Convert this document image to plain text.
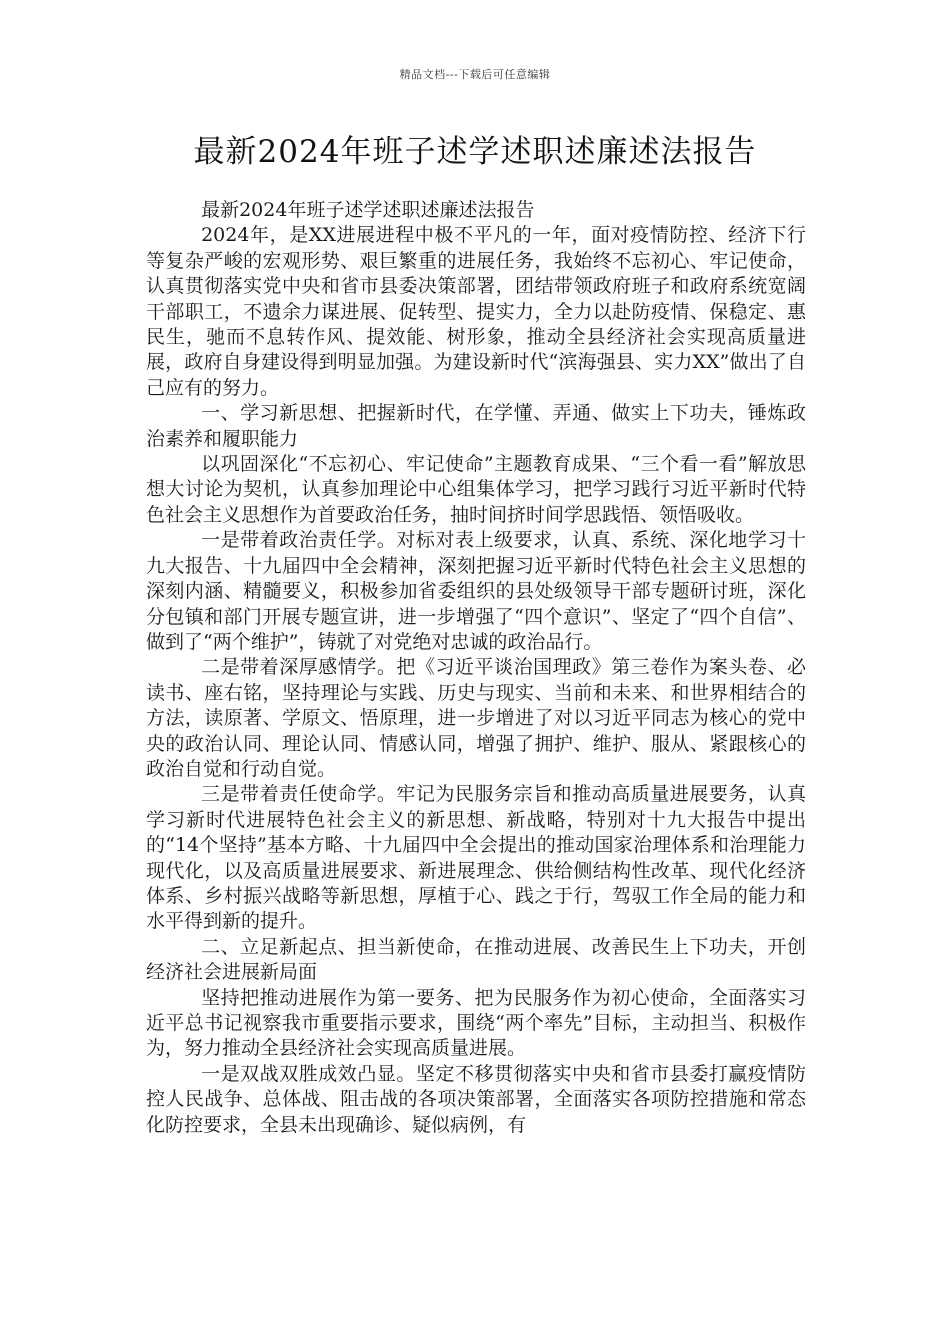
精品文档---下载后可任意编辑
最新2024年班子述学述职述廉述法报告

最新2024年班子述学述职述廉述法报告

2024年，是XX进展进程中极不平凡的一年，面对疫情防控、经济下行等复杂严峻的宏观形势、艰巨繁重的进展任务，我始终不忘初心、牢记使命，认真贯彻落实党中央和省市县委决策部署，团结带领政府班子和政府系统宽阔干部职工，不遗余力谋进展、促转型、提实力，全力以赴防疫情、保稳定、惠民生，驰而不息转作风、提效能、树形象，推动全县经济社会实现高质量进展，政府自身建设得到明显加强。为建设新时代“滨海强县、实力XX”做出了自己应有的努力。

一、学习新思想、把握新时代，在学懂、弄通、做实上下功夫，锤炼政治素养和履职能力

以巩固深化“不忘初心、牢记使命”主题教育成果、“三个看一看”解放思想大讨论为契机，认真参加理论中心组集体学习，把学习践行习近平新时代特色社会主义思想作为首要政治任务，抽时间挤时间学思践悟、领悟吸收。

一是带着政治责任学。对标对表上级要求，认真、系统、深化地学习十九大报告、十九届四中全会精神，深刻把握习近平新时代特色社会主义思想的深刻内涵、精髓要义，积极参加省委组织的县处级领导干部专题研讨班，深化分包镇和部门开展专题宣讲，进一步增强了“四个意识”、坚定了“四个自信”、做到了“两个维护”，铸就了对党绝对忠诚的政治品行。

二是带着深厚感情学。把《习近平谈治国理政》第三卷作为案头卷、必读书、座右铭，坚持理论与实践、历史与现实、当前和未来、和世界相结合的方法，读原著、学原文、悟原理，进一步增进了对以习近平同志为核心的党中央的政治认同、理论认同、情感认同，增强了拥护、维护、服从、紧跟核心的政治自觉和行动自觉。

三是带着责任使命学。牢记为民服务宗旨和推动高质量进展要务，认真学习新时代进展特色社会主义的新思想、新战略，特别对十九大报告中提出的“14个坚持”基本方略、十九届四中全会提出的推动国家治理体系和治理能力现代化，以及高质量进展要求、新进展理念、供给侧结构性改革、现代化经济体系、乡村振兴战略等新思想，厚植于心、践之于行，驾驭工作全局的能力和水平得到新的提升。

二、立足新起点、担当新使命，在推动进展、改善民生上下功夫，开创经济社会进展新局面

坚持把推动进展作为第一要务、把为民服务作为初心使命，全面落实习近平总书记视察我市重要指示要求，围绕“两个率先”目标，主动担当、积极作为，努力推动全县经济社会实现高质量进展。

一是双战双胜成效凸显。坚定不移贯彻落实中央和省市县委打赢疫情防控人民战争、总体战、阻击战的各项决策部署，全面落实各项防控措施和常态化防控要求，全县未出现确诊、疑似病例，有
